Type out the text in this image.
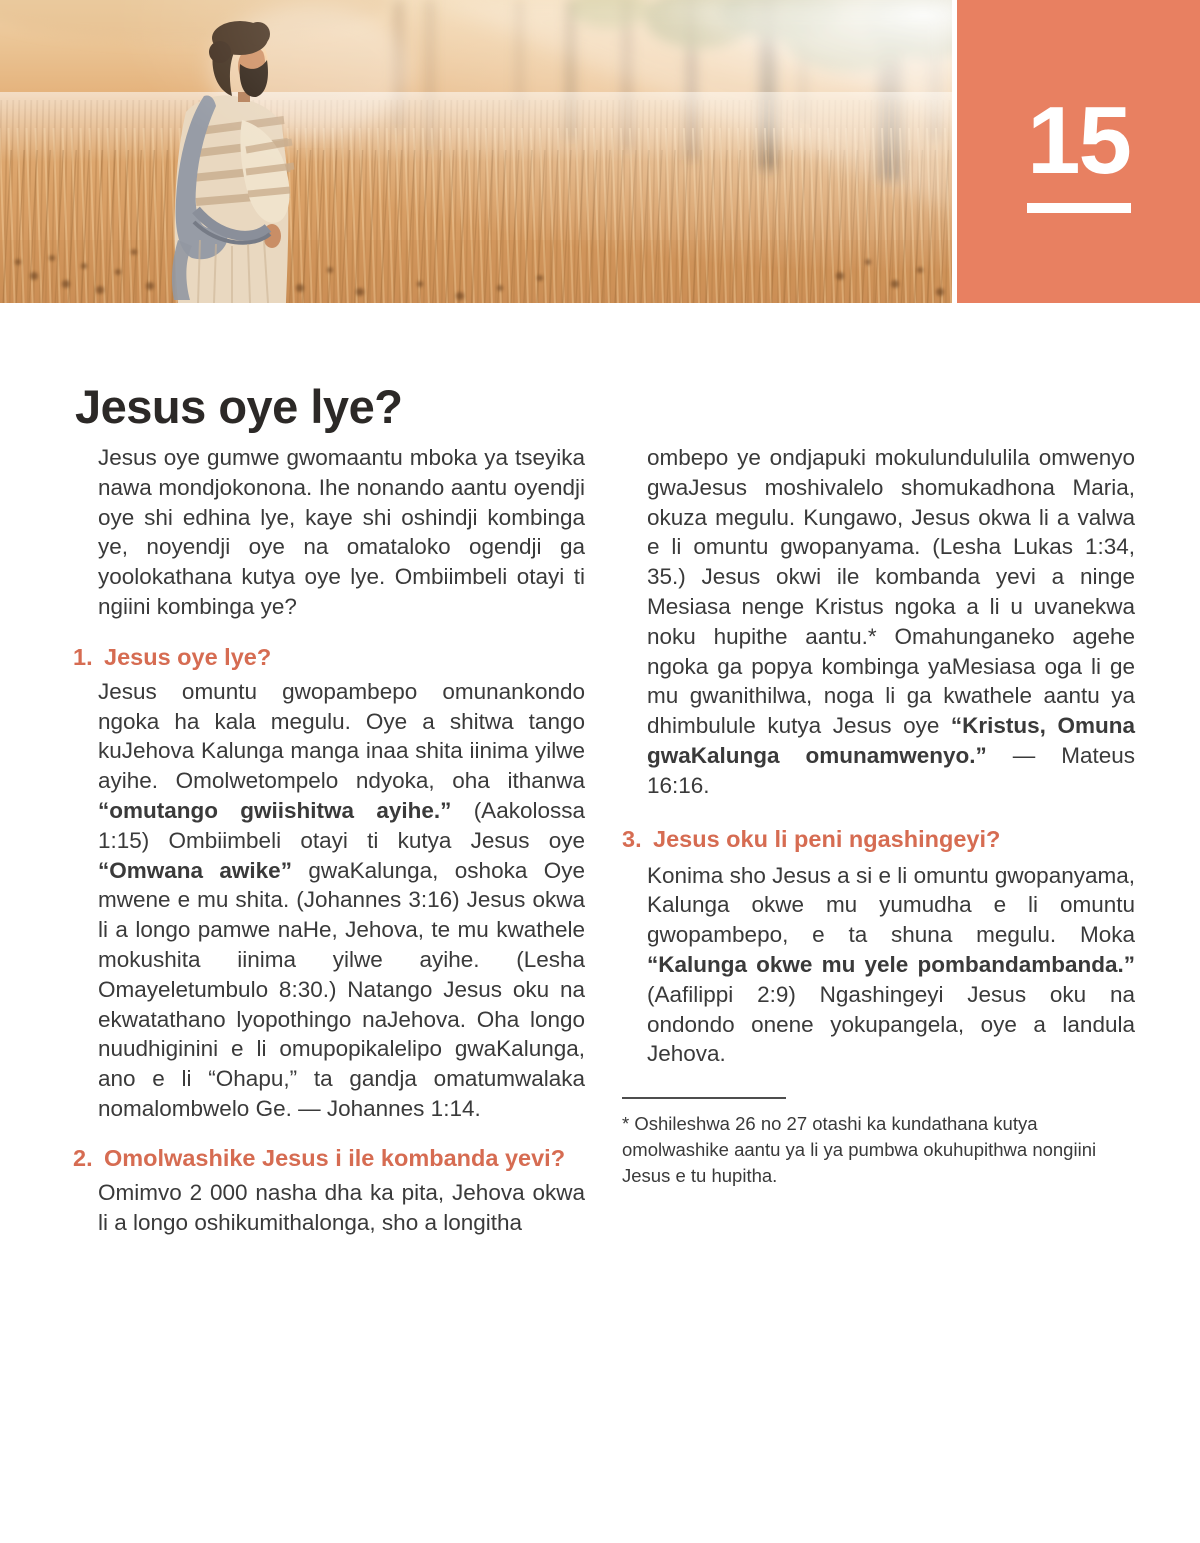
15
Jesus oye lye?

Jesus oye gumwe gwomaantu mboka ya tseyika nawa mondjokonona. Ihe nonando aantu oyendji oye shi edhina lye, kaye shi oshindji kombinga ye, noyendji oye na omataloko ogendji ga yoolokathana kutya oye lye. Ombiimbeli otayi ti ngiini kombinga ye?

1. Jesus oye lye?

Jesus omuntu gwopambepo omunankondo ngoka ha kala megulu. Oye a shitwa tango kuJehova Kalunga manga inaa shita iinima yilwe ayihe. Omolwetompelo ndyoka, oha ithanwa “omutango gwiishitwa ayihe.” (Aakolossa 1:15) Ombiimbeli otayi ti kutya Jesus oye “Omwana awike” gwaKalunga, oshoka Oye mwene e mu shita. (Johannes 3:16) Jesus okwa li a longo pamwe naHe, Jehova, te mu kwathele mokushita iinima yilwe ayihe. (Lesha Omayeletumbulo 8:30.) Natango Jesus oku na ekwatathano lyopothingo naJehova. Oha longo nuudhiginini e li omupopikalelipo gwaKalunga, ano e li “Ohapu,” ta gandja omatumwalaka nomalombwelo Ge. — Johannes 1:14.

2. Omolwashike Jesus i ile kombanda yevi?

Omimvo 2 000 nasha dha ka pita, Jehova okwa li a longo oshikumithalonga, sho a longitha

ombepo ye ondjapuki mokulundululila omwenyo gwaJesus moshivalelo shomukadhona Maria, okuza megulu. Kungawo, Jesus okwa li a valwa e li omuntu gwopanyama. (Lesha Lukas 1:34, 35.) Jesus okwi ile kombanda yevi a ninge Mesiasa nenge Kristus ngoka a li u uvanekwa noku hupithe aantu.* Omahunganeko agehe ngoka ga popya kombinga yaMesiasa oga li ge mu gwanithilwa, noga li ga kwathele aantu ya dhimbulule kutya Jesus oye “Kristus, Omuna gwaKalunga omunamwenyo.” — Mateus 16:16.

3. Jesus oku li peni ngashingeyi?

Konima sho Jesus a si e li omuntu gwopanyama, Kalunga okwe mu yumudha e li omuntu gwopambepo, e ta shuna megulu. Moka “Kalunga okwe mu yele pombandambanda.” (Aafilippi 2:9) Ngashingeyi Jesus oku na ondondo onene yokupangela, oye a landula Jehova.

* Oshileshwa 26 no 27 otashi ka kundathana kutya omolwashike aantu ya li ya pumbwa okuhupithwa nongiini Jesus e tu hupitha.
